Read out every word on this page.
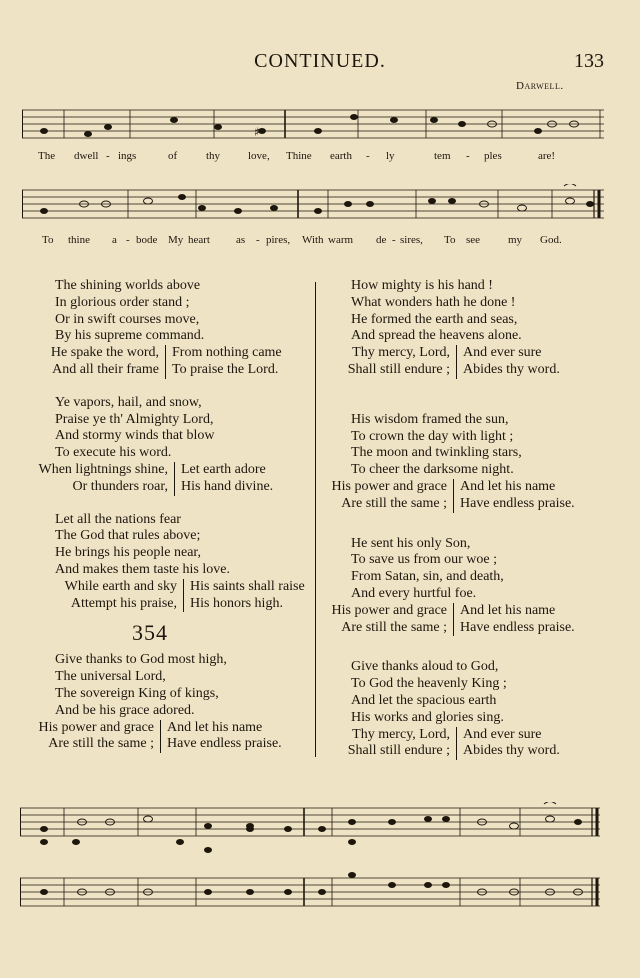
CONTINUED.	133
Darwell.
♯
The dwell - ings	of	thy	love, Thine earth - ly	tem - ples	are!
To thine a - bode My heart as - pires, With warm de - sires, To see	my God.
The shining worlds above
In glorious order stand ;
Or in swift courses move,
By his supreme command.
He spake the word,
And all their frame
From nothing came
To praise the Lord.
Ye vapors, hail, and snow,
Praise ye th' Almighty Lord,
And stormy winds that blow
To execute his word.
When lightnings shine,
Or thunders roar,
Let earth adore
His hand divine.
Let all the nations fear
The God that rules above;
He brings his people near,
And makes them taste his love.
While earth and sky
Attempt his praise,
His saints shall raise
His honors high.
354
Give thanks to God most high,
The universal Lord,
The sovereign King of kings,
And be his grace adored.
His power and grace
Are still the same ;
And let his name
Have endless praise.
How mighty is his hand !
What wonders hath he done !
He formed the earth and seas,
And spread the heavens alone.
Thy mercy, Lord,
Shall still endure ;
And ever sure
Abides thy word.
His wisdom framed the sun,
To crown the day with light ;
The moon and twinkling stars,
To cheer the darksome night.
His power and grace
Are still the same ;
And let his name
Have endless praise.
He sent his only Son,
To save us from our woe ;
From Satan, sin, and death,
And every hurtful foe.
His power and grace
Are still the same ;
And let his name
Have endless praise.
Give thanks aloud to God,
To God the heavenly King ;
And let the spacious earth
His works and glories sing.
Thy mercy, Lord,
Shall still endure ;
And ever sure
Abides thy word.
